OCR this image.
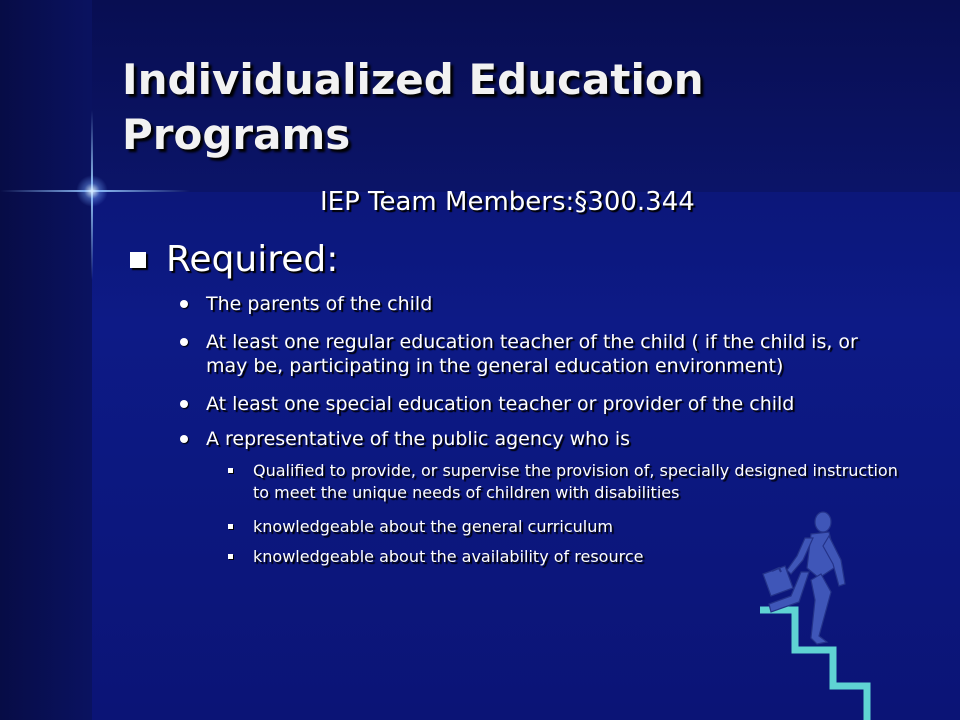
Individualized Education Programs
IEP Team Members:§300.344
Required:
The parents of the child
At least one regular education teacher of the child ( if the child is, or may be, participating in the general education environment)
At least one special education teacher or provider of the child
A representative of the public agency who is
Qualified to provide, or supervise the provision of, specially designed instruction to meet the unique needs of children with disabilities
knowledgeable about the general curriculum
knowledgeable about the availability of resource
